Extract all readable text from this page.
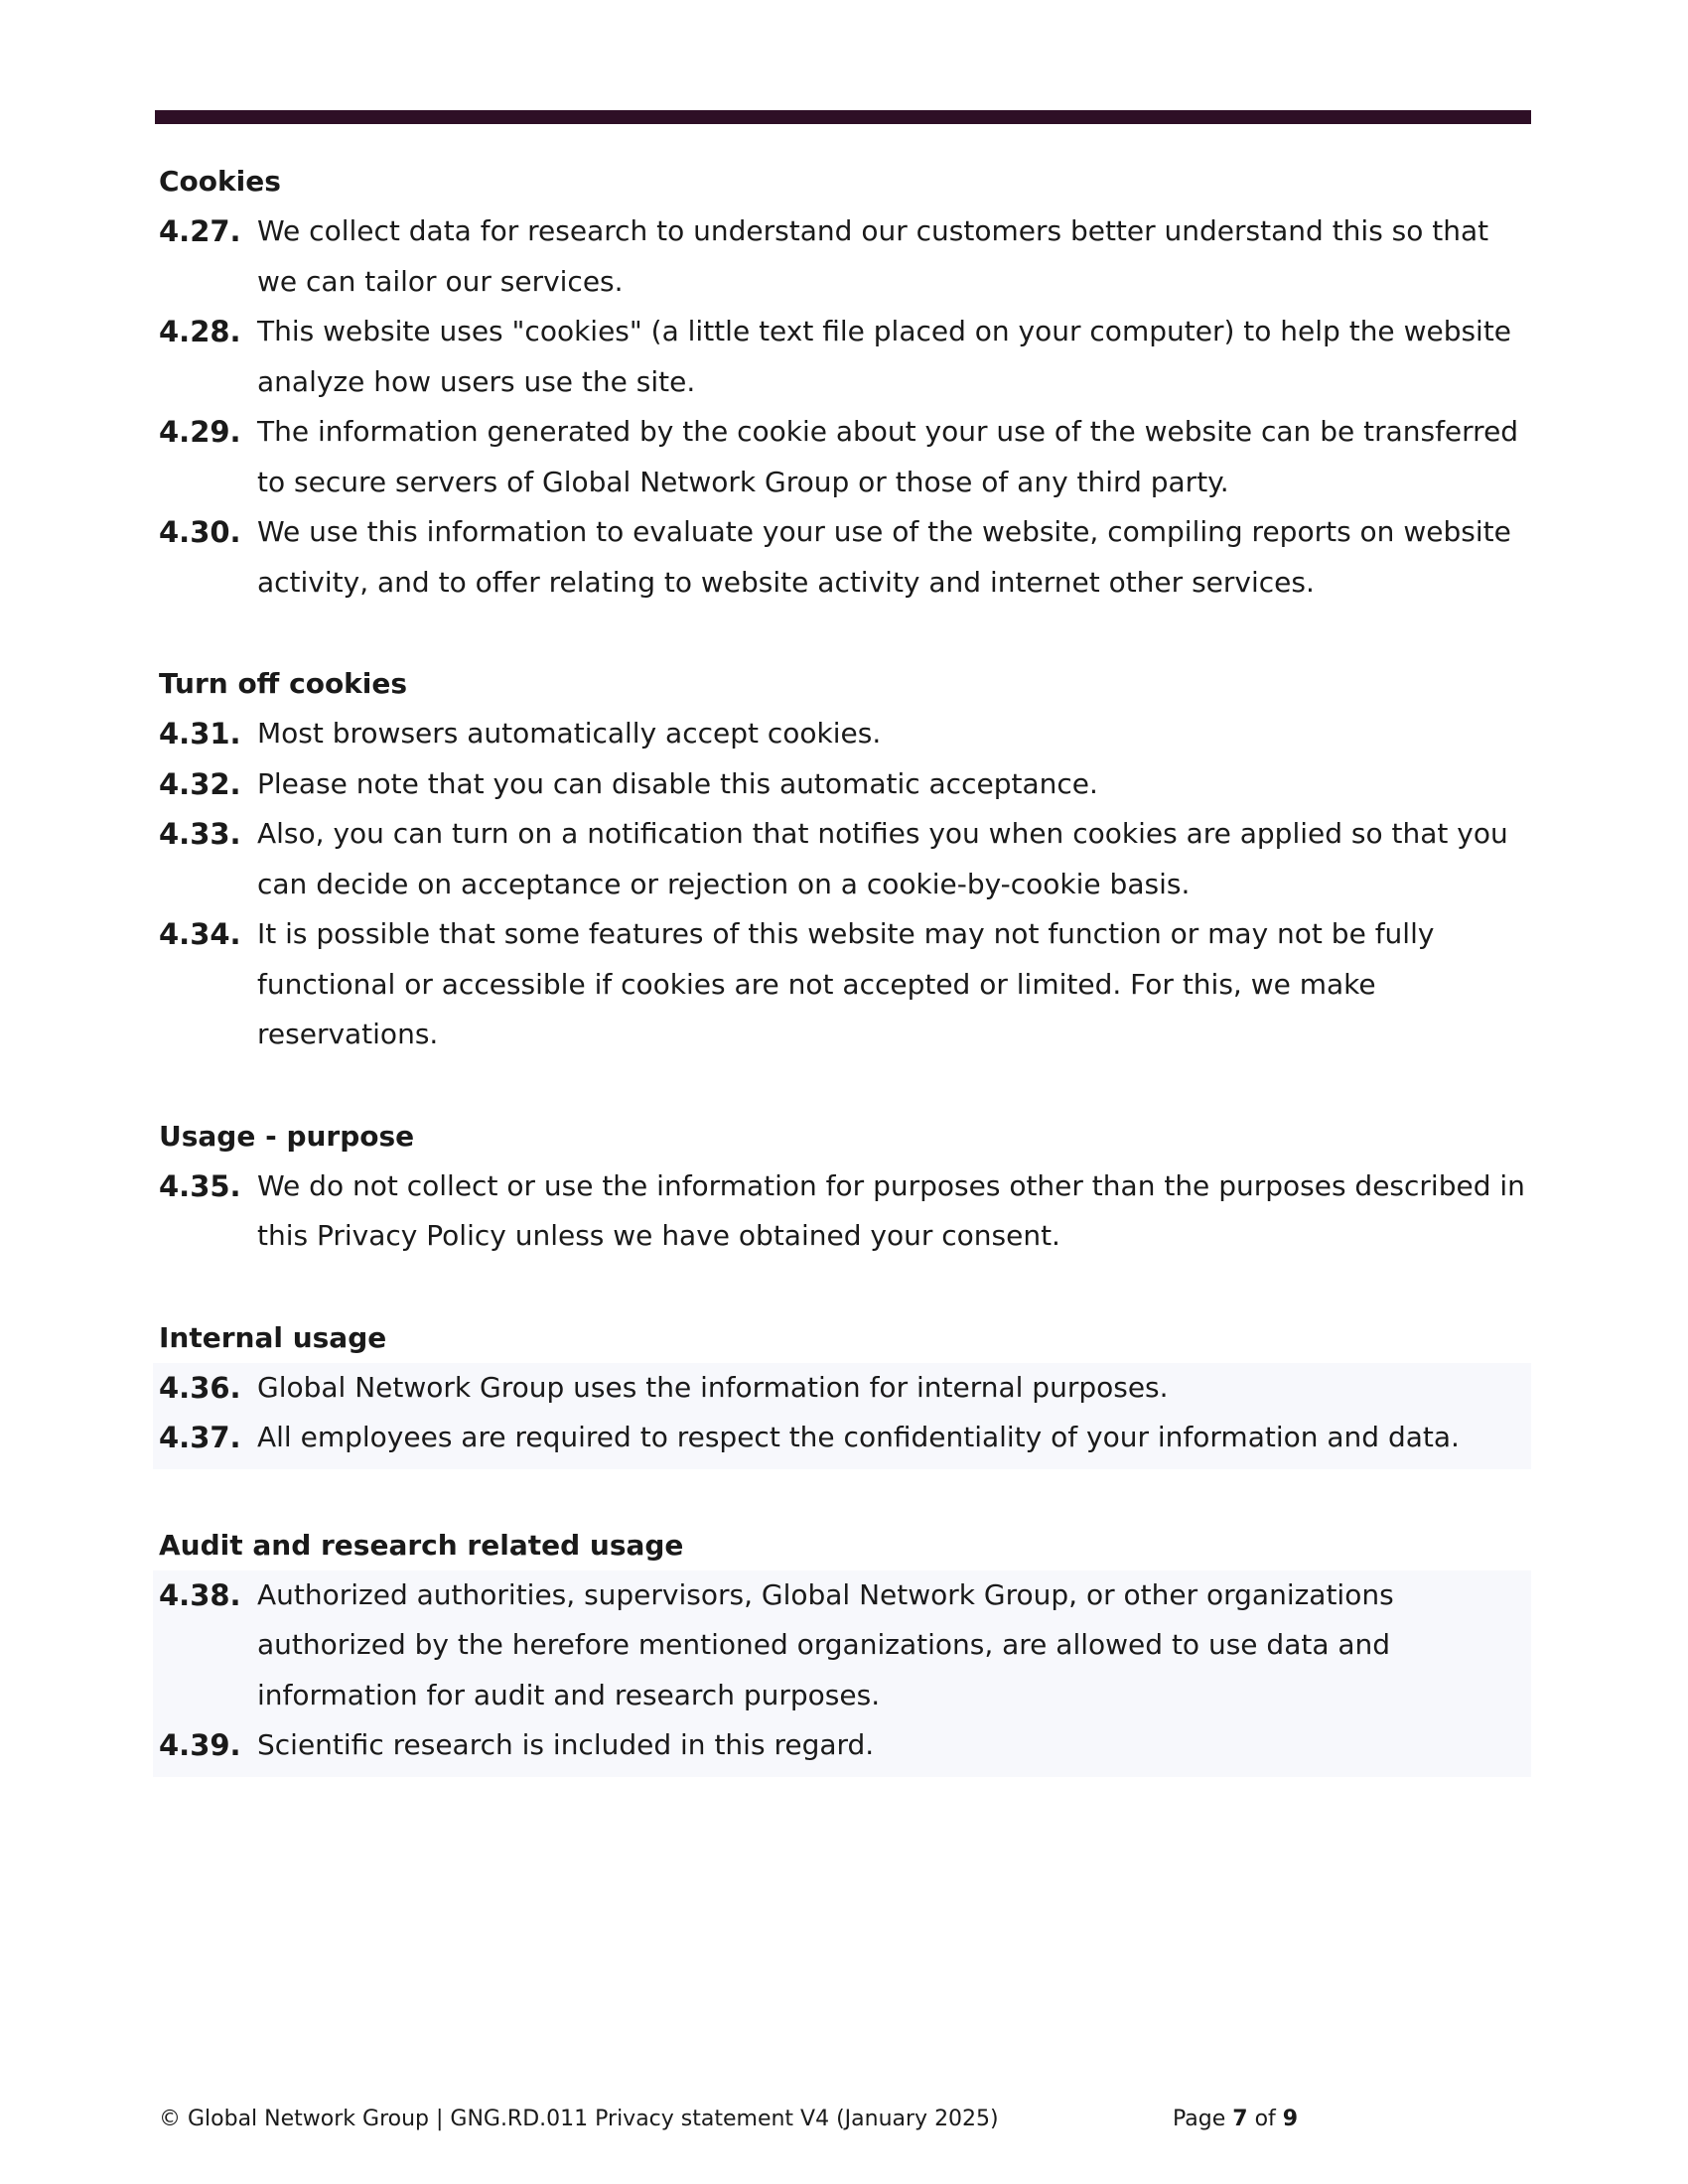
Cookies
4.27. We collect data for research to understand our customers better understand this so that we can tailor our services.
4.28. This website uses "cookies" (a little text file placed on your computer) to help the website analyze how users use the site.
4.29. The information generated by the cookie about your use of the website can be transferred to secure servers of Global Network Group or those of any third party.
4.30. We use this information to evaluate your use of the website, compiling reports on website activity, and to offer relating to website activity and internet other services.
Turn off cookies
4.31. Most browsers automatically accept cookies.
4.32. Please note that you can disable this automatic acceptance.
4.33. Also, you can turn on a notification that notifies you when cookies are applied so that you can decide on acceptance or rejection on a cookie-by-cookie basis.
4.34. It is possible that some features of this website may not function or may not be fully functional or accessible if cookies are not accepted or limited. For this, we make reservations.
Usage - purpose
4.35. We do not collect or use the information for purposes other than the purposes described in this Privacy Policy unless we have obtained your consent.
Internal usage
4.36. Global Network Group uses the information for internal purposes.
4.37. All employees are required to respect the confidentiality of your information and data.
Audit and research related usage
4.38. Authorized authorities, supervisors, Global Network Group, or other organizations authorized by the herefore mentioned organizations, are allowed to use data and information for audit and research purposes.
4.39. Scientific research is included in this regard.
© Global Network Group | GNG.RD.011 Privacy statement V4 (January 2025)	Page 7 of 9
